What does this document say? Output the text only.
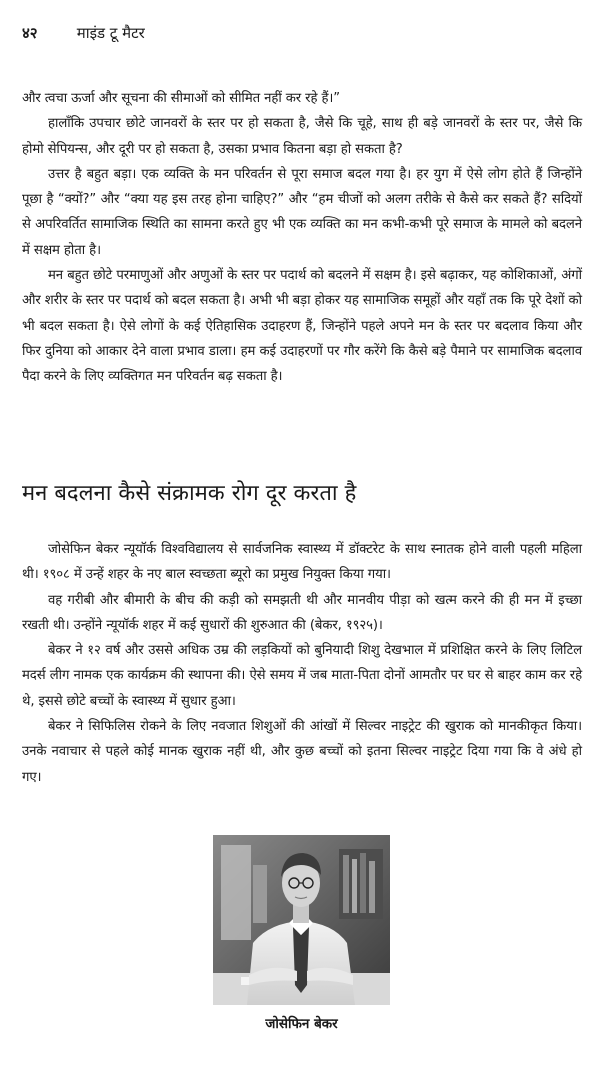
४२	माइंड टू मैटर

और त्वचा ऊर्जा और सूचना की सीमाओं को सीमित नहीं कर रहे हैं।”

हालाँकि उपचार छोटे जानवरों के स्तर पर हो सकता है, जैसे कि चूहे, साथ ही बड़े जानवरों के स्तर पर, जैसे कि होमो सेपियन्स, और दूरी पर हो सकता है, उसका प्रभाव कितना बड़ा हो सकता है?

उत्तर है बहुत बड़ा। एक व्यक्ति के मन परिवर्तन से पूरा समाज बदल गया है। हर युग में ऐसे लोग होते हैं जिन्होंने पूछा है “क्यों?” और “क्या यह इस तरह होना चाहिए?” और “हम चीजों को अलग तरीके से कैसे कर सकते हैं? सदियों से अपरिवर्तित सामाजिक स्थिति का सामना करते हुए भी एक व्यक्ति का मन कभी-कभी पूरे समाज के मामले को बदलने में सक्षम होता है।

मन बहुत छोटे परमाणुओं और अणुओं के स्तर पर पदार्थ को बदलने में सक्षम है। इसे बढ़ाकर, यह कोशिकाओं, अंगों और शरीर के स्तर पर पदार्थ को बदल सकता है। अभी भी बड़ा होकर यह सामाजिक समूहों और यहाँ तक कि पूरे देशों को भी बदल सकता है। ऐसे लोगों के कई ऐतिहासिक उदाहरण हैं, जिन्होंने पहले अपने मन के स्तर पर बदलाव किया और फिर दुनिया को आकार देने वाला प्रभाव डाला। हम कई उदाहरणों पर गौर करेंगे कि कैसे बड़े पैमाने पर सामाजिक बदलाव पैदा करने के लिए व्यक्तिगत मन परिवर्तन बढ़ सकता है।

मन बदलना कैसे संक्रामक रोग दूर करता है

जोसेफिन बेकर न्यूयॉर्क विश्वविद्यालय से सार्वजनिक स्वास्थ्य में डॉक्टरेट के साथ स्नातक होने वाली पहली महिला थी। १९०८ में उन्हें शहर के नए बाल स्वच्छता ब्यूरो का प्रमुख नियुक्त किया गया।

वह गरीबी और बीमारी के बीच की कड़ी को समझती थी और मानवीय पीड़ा को खत्म करने की ही मन में इच्छा रखती थी। उन्होंने न्यूयॉर्क शहर में कई सुधारों की शुरुआत की (बेकर, १९२५)।

बेकर ने १२ वर्ष और उससे अधिक उम्र की लड़कियों को बुनियादी शिशु देखभाल में प्रशिक्षित करने के लिए लिटिल मदर्स लीग नामक एक कार्यक्रम की स्थापना की। ऐसे समय में जब माता-पिता दोनों आमतौर पर घर से बाहर काम कर रहे थे, इससे छोटे बच्चों के स्वास्थ्य में सुधार हुआ।

बेकर ने सिफिलिस रोकने के लिए नवजात शिशुओं की आंखों में सिल्वर नाइट्रेट की खुराक को मानकीकृत किया। उनके नवाचार से पहले कोई मानक खुराक नहीं थी, और कुछ बच्चों को इतना सिल्वर नाइट्रेट दिया गया कि वे अंधे हो गए।

जोसेफिन बेकर
